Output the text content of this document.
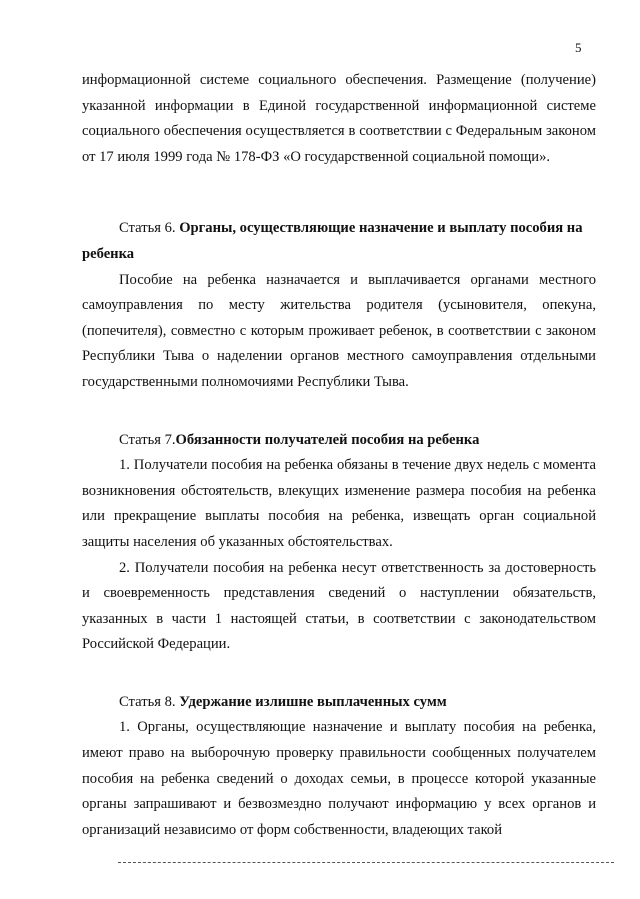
5

информационной системе социального обеспечения. Размещение (получение) указанной информации в Единой государственной информационной системе социального обеспечения осуществляется в соответствии с Федеральным законом от 17 июля 1999 года № 178-ФЗ «О государственной социальной помощи».

Статья 6. Органы, осуществляющие назначение и выплату пособия на ребенка

Пособие на ребенка назначается и выплачивается органами местного самоуправления по месту жительства родителя (усыновителя, опекуна, (попечителя), совместно с которым проживает ребенок, в соответствии с законом Республики Тыва о наделении органов местного самоуправления отдельными государственными полномочиями Республики Тыва.

Статья 7.Обязанности получателей пособия на ребенка

1. Получатели пособия на ребенка обязаны в течение двух недель с момента возникновения обстоятельств, влекущих изменение размера пособия на ребенка или прекращение выплаты пособия на ребенка, извещать орган социальной защиты населения об указанных обстоятельствах.

2. Получатели пособия на ребенка несут ответственность за достоверность и своевременность представления сведений о наступлении обязательств, указанных в части 1 настоящей статьи, в соответствии с законодательством Российской Федерации.

Статья 8. Удержание излишне выплаченных сумм

1. Органы, осуществляющие назначение и выплату пособия на ребенка, имеют право на выборочную проверку правильности сообщенных получателем пособия на ребенка сведений о доходах семьи, в процессе которой указанные органы запрашивают и безвозмездно получают информацию у всех органов и организаций независимо от форм собственности, владеющих такой
